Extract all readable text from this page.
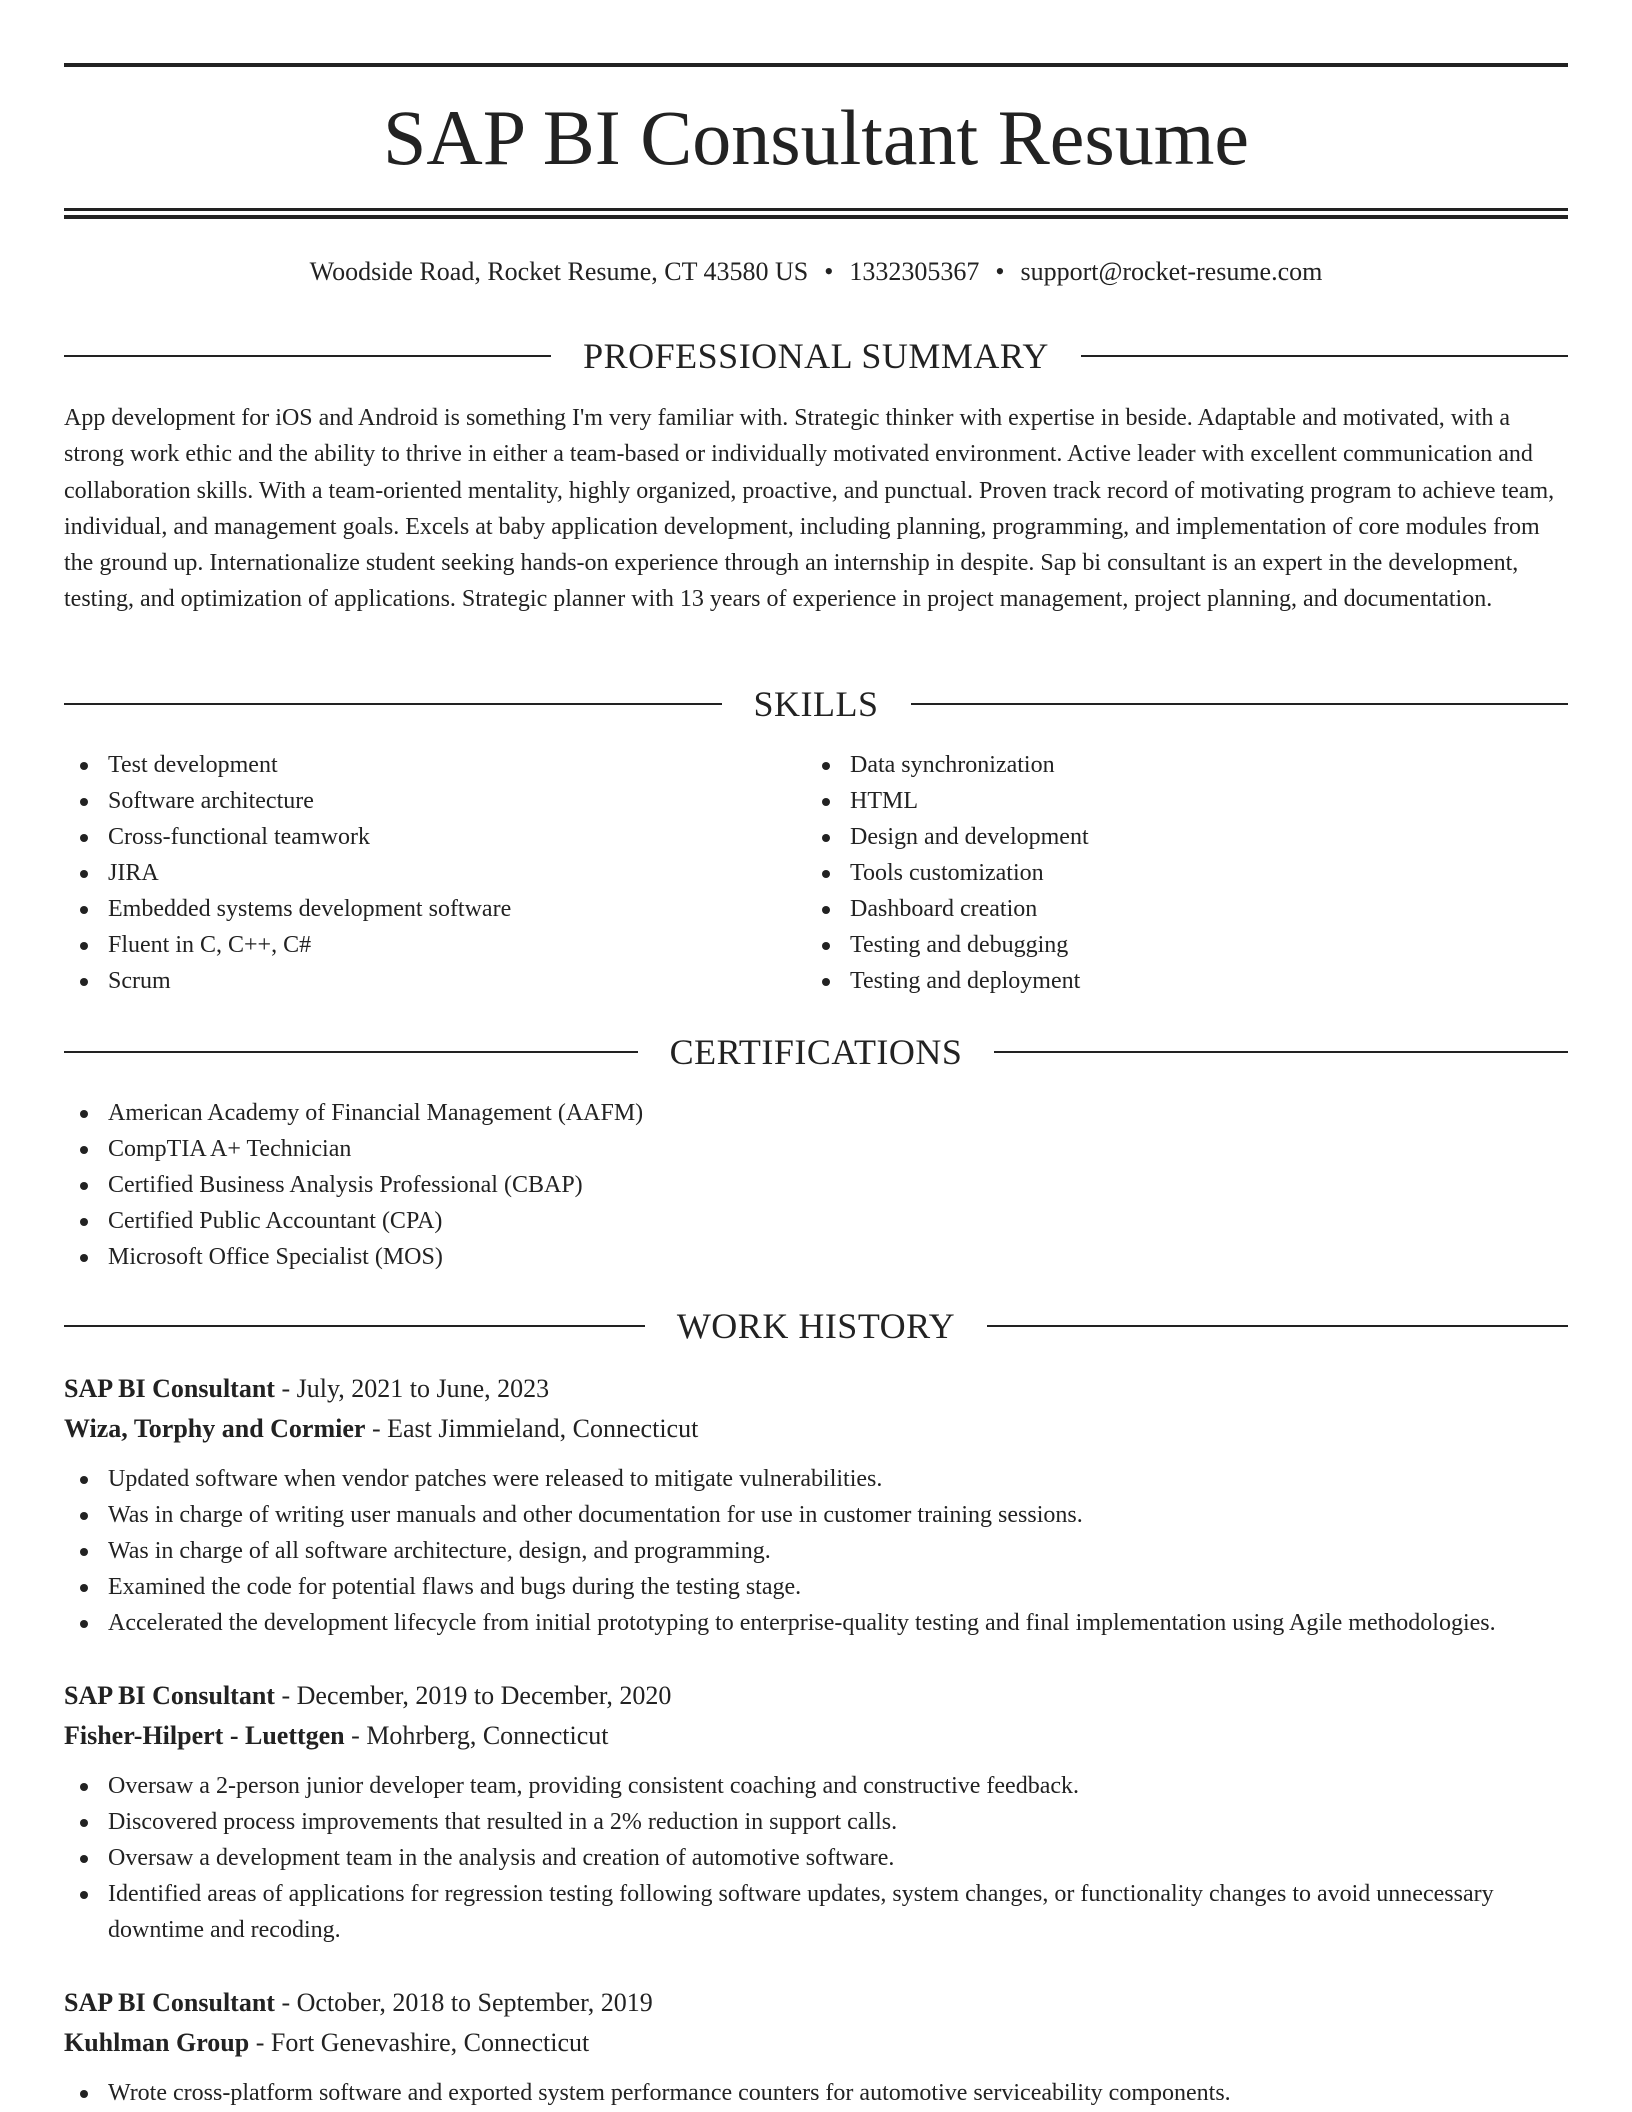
SAP BI Consultant Resume
Woodside Road, Rocket Resume, CT 43580 US • 1332305367 • support@rocket-resume.com
PROFESSIONAL SUMMARY

App development for iOS and Android is something I'm very familiar with. Strategic thinker with expertise in beside. Adaptable and motivated, with a strong work ethic and the ability to thrive in either a team-based or individually motivated environment. Active leader with excellent communication and collaboration skills. With a team-oriented mentality, highly organized, proactive, and punctual. Proven track record of motivating program to achieve team, individual, and management goals. Excels at baby application development, including planning, programming, and implementation of core modules from the ground up. Internationalize student seeking hands-on experience through an internship in despite. Sap bi consultant is an expert in the development, testing, and optimization of applications. Strategic planner with 13 years of experience in project management, project planning, and documentation.

SKILLS
Test development
Software architecture
Cross-functional teamwork
JIRA
Embedded systems development software
Fluent in C, C++, C#
Scrum
Data synchronization
HTML
Design and development
Tools customization
Dashboard creation
Testing and debugging
Testing and deployment
CERTIFICATIONS
American Academy of Financial Management (AAFM)
CompTIA A+ Technician
Certified Business Analysis Professional (CBAP)
Certified Public Accountant (CPA)
Microsoft Office Specialist (MOS)
WORK HISTORY
SAP BI Consultant - July, 2021 to June, 2023
Wiza, Torphy and Cormier - East Jimmieland, Connecticut
Updated software when vendor patches were released to mitigate vulnerabilities.
Was in charge of writing user manuals and other documentation for use in customer training sessions.
Was in charge of all software architecture, design, and programming.
Examined the code for potential flaws and bugs during the testing stage.
Accelerated the development lifecycle from initial prototyping to enterprise-quality testing and final implementation using Agile methodologies.
SAP BI Consultant - December, 2019 to December, 2020
Fisher-Hilpert - Luettgen - Mohrberg, Connecticut
Oversaw a 2-person junior developer team, providing consistent coaching and constructive feedback.
Discovered process improvements that resulted in a 2% reduction in support calls.
Oversaw a development team in the analysis and creation of automotive software.
Identified areas of applications for regression testing following software updates, system changes, or functionality changes to avoid unnecessary downtime and recoding.
SAP BI Consultant - October, 2018 to September, 2019
Kuhlman Group - Fort Genevashire, Connecticut
Wrote cross-platform software and exported system performance counters for automotive serviceability components.
